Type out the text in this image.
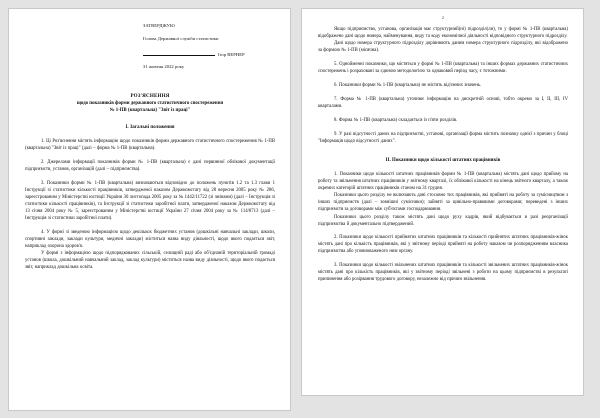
ЗАТВЕРДЖУЮ

Голова Державної служби статистики

Ігор ВЕРНЕР

31 жовтня 2022 року

РОЗ'ЯСНЕННЯ

щодо показників форми державного статистичного спостереження

№ 1-ПВ (квартальна) "Звіт із праці"

I. Загальні положення

1. Ці Роз'яснення містять інформацію щодо показників форми державного статистичного спостереження № 1-ПВ (квартальна) "Звіт із праці" (далі – форма № 1-ПВ (квартальна).

2. Джерелами інформації показників форми № 1-ПВ (квартальна) є дані первинної облікової документації підприємств, установ, організацій (далі – підприємства).

3. Показники форми № 1-ПВ (квартальна) визначаються відповідно до положень пунктів 1.2 та 1.3 глави 1 Інструкції зі статистики кількості працівників, затвердженої наказом Держкомстату від 28 вересня 2005 року № 286, зареєстрованим у Міністерстві юстиції України 30 листопада 2005 року за № 1442/11722 (зі змінами) (далі – Інструкція зі статистики кількості працівників), та Інструкції зі статистики заробітної плати, затвердженої наказом Держкомстату від 13 січня 2004 року № 5, зареєстрованим у Міністерстві юстиції України 27 січня 2004 року за № 114/8713 (далі – Інструкція зі статистики заробітної плати).

4. У формі зі зведеною інформацією щодо декількох бюджетних установ (дошкільні навчальні заклади, школи, спортивні заклади, заклади культури, медичні заклади) міститься назва виду діяльності, щодо якого подається звіт, наприклад охорона здоров'я.

У формі з інформацією щодо підпорядкованих сільській, селищній раді або об'єднаній територіальній громаді установ (школа, дошкільний навчальний заклад, заклад культури) міститься назва виду діяльності, щодо якого подається звіт, наприклад дошкільна освіта.

2

Якщо підприємство, установа, організація має структурний(ні) підрозділ(ли), то у формі № 1-ПВ (квартальна) відображено дані щодо номера, найменування, виду та коду економічної діяльності відповідного структурного підрозділу.

Дані щодо номера структурного підрозділу дорівнюють даним номера структурного підрозділу, які відображено за формою № 1-ПВ (місячна).

5. Однойменні показники, що містяться у формі № 1-ПВ (квартальна) та інших формах державних статистичних спостережень і розраховані за єдиною методологією та однаковий період часу, є тотожними.

6. Показники форми № 1-ПВ (квартальна) не містять від'ємних значень.

7. Форма № 1-ПВ (квартальна) уточнює інформацію на дискретній основі, тобто окремо за I, II, III, IV кварталами.

8. Форма № 1-ПВ (квартальна) складається із п'яти розділів.

9. У разі відсутності даних на підприємстві, установі, організації форма містить позначку однієї з причин у блоці "Інформація щодо відсутності даних".

II. Показники щодо кількості штатних працівників

1. Показники щодо кількості штатних працівників форми № 1-ПВ (квартальна) містять дані щодо прийому на роботу та звільнення штатних працівників у звітному кварталі, їх облікової кількості на кінець звітного кварталу, а також окремих категорій штатних працівників станом на 31 грудня.

Показники цього розділу не включають дані стосовно тих працівників, які прийняті на роботу за сумісництвом з інших підприємств (далі – зовнішні сумісники); зайняті за цивільно-правовими договорами; переведені з інших підприємств за договорами між суб'єктами господарювання.

Показники цього розділу також містять дані щодо руху кадрів, який відбувається в разі реорганізації підприємства й документально підтверджений.

2. Показники щодо кількості прийнятих штатних працівників та кількості прийнятих штатних працівників-жінок містять дані про кількість працівників, які у звітному періоді прийняті на роботу наказом чи розпорядженням власника підприємства або уповноваженого ним органу.

3. Показники щодо кількості звільнених штатних працівників та кількості звільнених штатних працівників-жінок містять дані про кількість працівників, які у звітному періоді звільнені з роботи на цьому підприємстві в результаті припинення або розірвання трудового договору, незалежно від причин звільнення.
